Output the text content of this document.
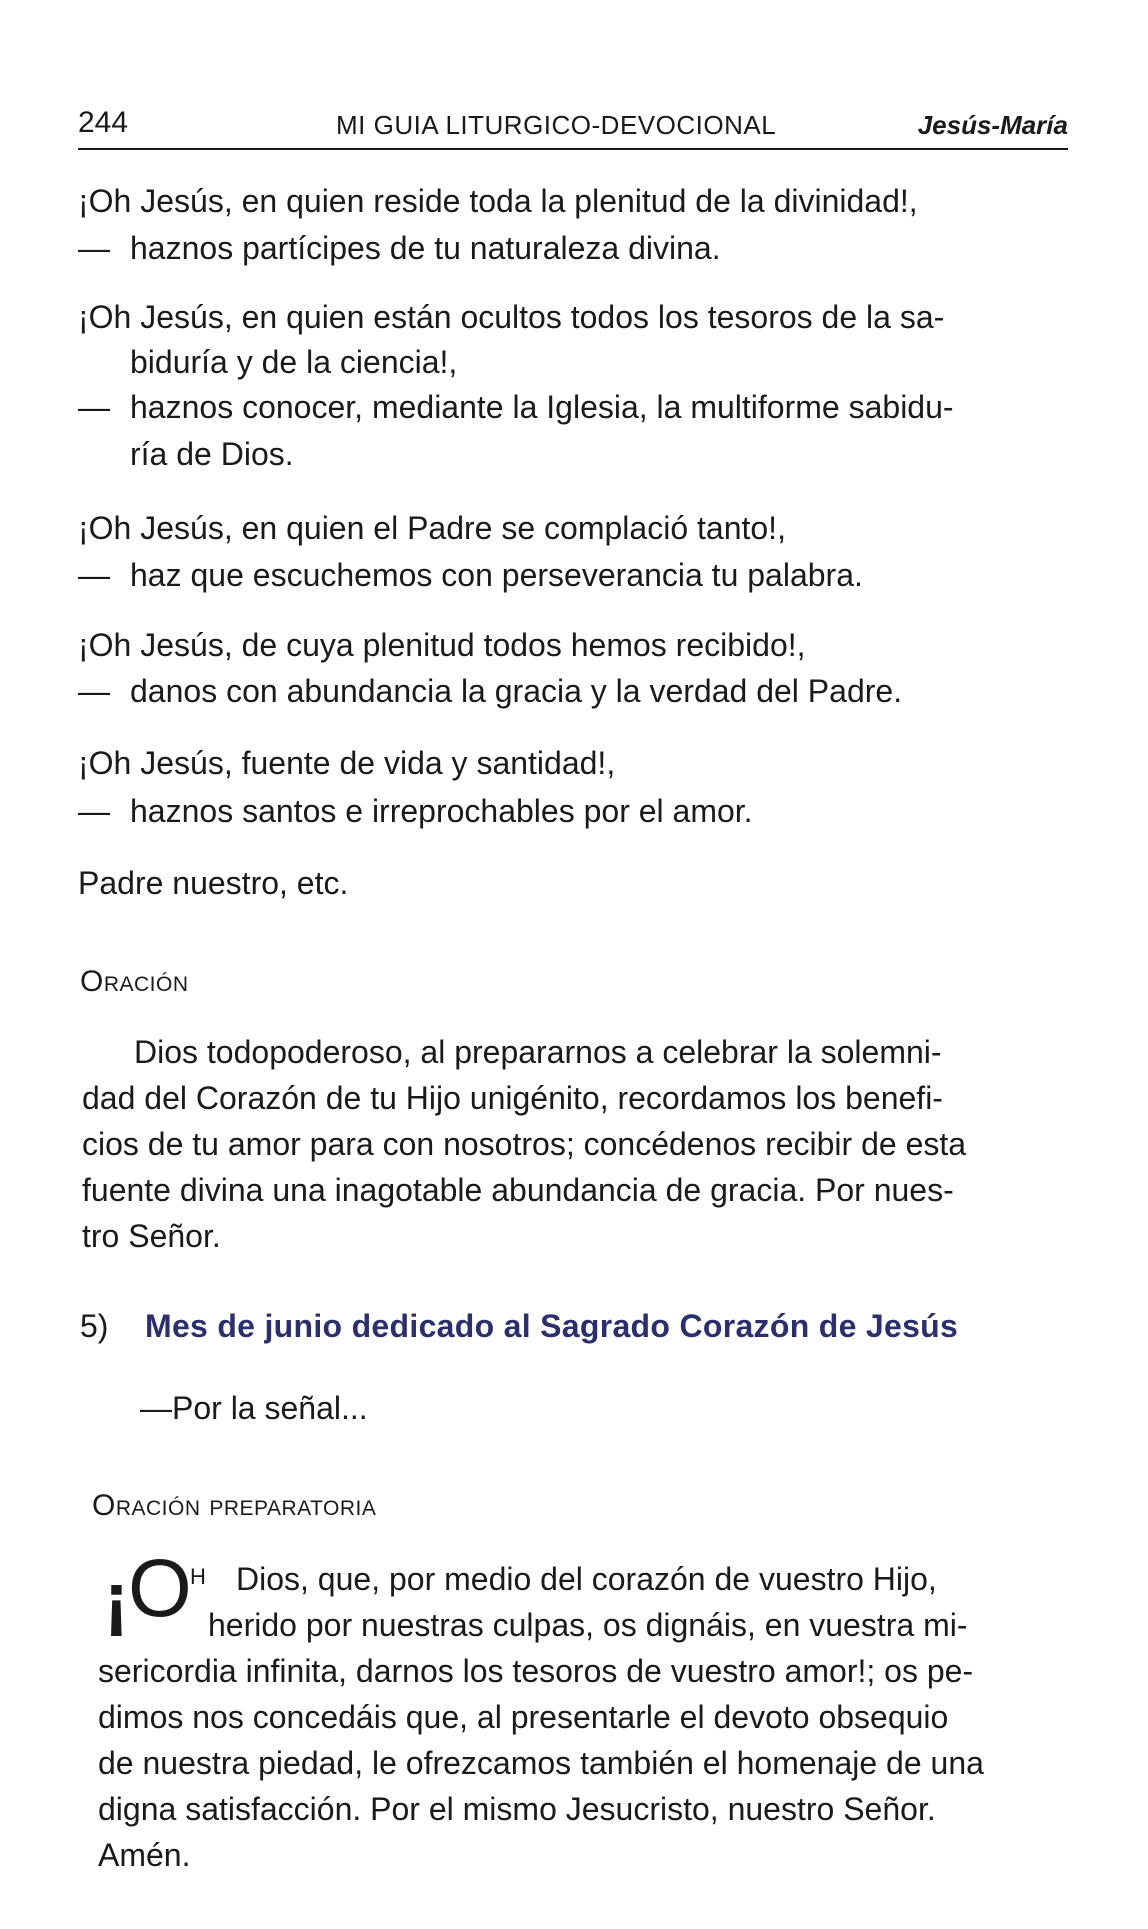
244	MI GUIA LITURGICO-DEVOCIONAL	Jesús-María
¡Oh Jesús, en quien reside toda la plenitud de la divinidad!,
— haznos partícipes de tu naturaleza divina.
¡Oh Jesús, en quien están ocultos todos los tesoros de la sa-
biduría y de la ciencia!,
— haznos conocer, mediante la Iglesia, la multiforme sabidu-
ría de Dios.
¡Oh Jesús, en quien el Padre se complació tanto!,
— haz que escuchemos con perseverancia tu palabra.
¡Oh Jesús, de cuya plenitud todos hemos recibido!,
— danos con abundancia la gracia y la verdad del Padre.
¡Oh Jesús, fuente de vida y santidad!,
— haznos santos e irreprochables por el amor.
Padre nuestro, etc.
Oración
Dios todopoderoso, al prepararnos a celebrar la solemni-
dad del Corazón de tu Hijo unigénito, recordamos los benefi-
cios de tu amor para con nosotros; concédenos recibir de esta
fuente divina una inagotable abundancia de gracia. Por nues-
tro Señor.
5) Mes de junio dedicado al Sagrado Corazón de Jesús
—Por la señal...
Oración preparatoria
¡ O
H Dios, que, por medio del corazón de vuestro Hijo,
herido por nuestras culpas, os dignáis, en vuestra mi-
sericordia infinita, darnos los tesoros de vuestro amor!; os pe-
dimos nos concedáis que, al presentarle el devoto obsequio
de nuestra piedad, le ofrezcamos también el homenaje de una
digna satisfacción. Por el mismo Jesucristo, nuestro Señor.
Amén.
